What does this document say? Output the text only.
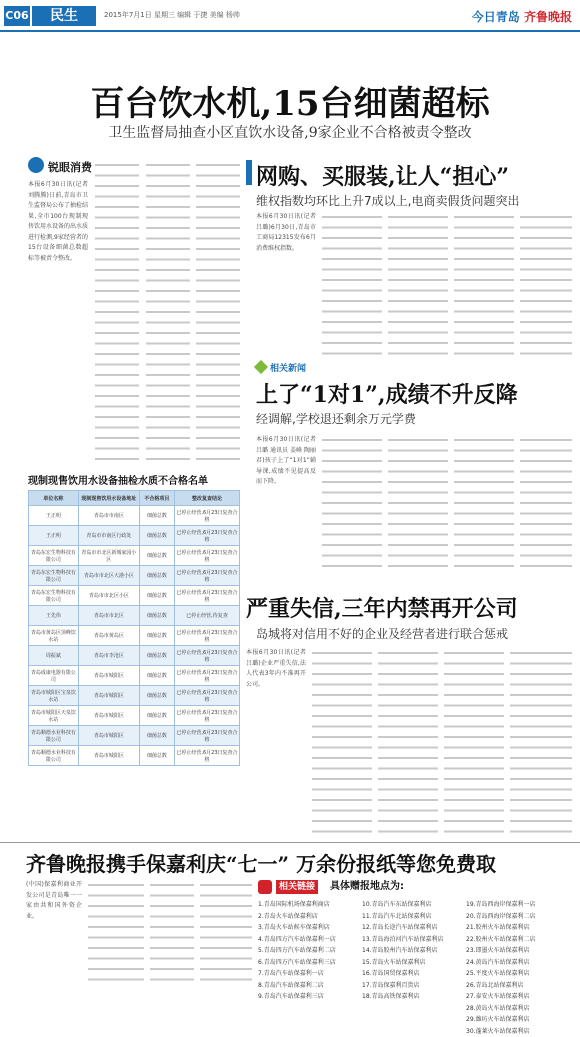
C06	民生	2015年7月1日 星期三 编辑 于捷 美编 杨帅	今日青岛 齐鲁晚报
百台饮水机,15台细菌超标
卫生监督局抽查小区直饮水设备,9家企业不合格被责令整改
锐眼消费
本报6月30日讯(记者 刘腾腾)日前,青岛市卫生监督局公布了抽检结果,全市100台现制现售饮用水设备的出水质进行检测,9家经营者的15台设备细菌总数超标等被责令整改。
现制现售饮用水设备抽检水质不合格名单
单位名称	现制现售饮用水设备地址	不合格项目	整改复查结论
王正明	青岛市市南区	细菌总数	已停止经营,6月23日复查合格
王正明	青岛市市南区行政处	细菌总数	已停止经营,6月23日复查合格
青岛东宏生物科技有限公司	青岛市市北区新城家园小区	细菌总数	已停止经营,6月23日复查合格
青岛东宏生物科技有限公司	青岛市市北区大港小区	细菌总数	已停止经营,6月23日复查合格
青岛东宏生物科技有限公司	青岛市市北区小区	细菌总数	已停止经营,6月23日复查合格
王先伟	青岛市市北区	细菌总数	已停止经营,待复查
青岛市黄岛区顶峰饮水站	青岛市黄岛区	细菌总数	已停止经营,6月23日复查合格
周振斌	青岛市李沧区	细菌总数	已停止经营,6月23日复查合格
青岛成康电器有限公司	青岛市城阳区	细菌总数	已停止经营,6月23日复查合格
青岛市城阳区宝泉饮水站	青岛市城阳区	细菌总数	已停止经营,6月23日复查合格
青岛市城阳区天泉饮水站	青岛市城阳区	细菌总数	已停止经营,6月23日复查合格
青岛顺德水业科技有限公司	青岛市城阳区	细菌总数	已停止经营,6月23日复查合格
青岛顺德水业科技有限公司	青岛市城阳区	细菌总数	已停止经营,6月23日复查合格
网购、买服装,让人“担心”
维权指数均环比上升7成以上,电商卖假货问题突出
本报6月30日讯(记者 吕璐)6月30日,青岛市工商局12315发布6月消费维权指数。
相关新闻
上了“1对1”,成绩不升反降
经调解,学校退还剩余万元学费
本报6月30日讯(记者 吕璐 通讯员 姜峰 陶丽君)孩子上了“1对1”辅导课,成绩不见提高反而下降。
严重失信,三年内禁再开公司
岛城将对信用不好的企业及经营者进行联合惩戒
本报6月30日讯(记者 吕璐)企业严重失信,法人代表3年内不准再开公司。
齐鲁晚报携手保嘉利庆“七一” 万余份报纸等您免费取
(中国)保嘉利商业开发公司是青岛唯一一家由共和国外资企业。
相关链接	具体赠报地点为:
1.青岛国际机场保嘉利商店
2.青岛火车站保嘉利店
3.青岛火车站候车保嘉利店
4.青岛四方汽车站保嘉利一店
5.青岛四方汽车站保嘉利二店
6.青岛四方汽车站保嘉利三店
7.青岛汽车站保嘉利一店
8.青岛汽车站保嘉利二店
9.青岛汽车站保嘉利三店
10.青岛汽车东站保嘉利店
11.青岛汽车北站保嘉利店
12.青岛长途汽车站保嘉利店
13.青岛海泊河汽车站保嘉利店
14.青岛胶州汽车站保嘉利店
15.青岛火车站保嘉利店
16.青岛国贸保嘉利店
17.青岛保嘉利百货店
18.青岛高铁保嘉利店
19.青岛西海岸保嘉利一店
20.青岛西海岸保嘉利二店
21.胶州火车站保嘉利店
22.胶州火车站保嘉利二店
23.即墨火车站保嘉利店
24.黄岛汽车站保嘉利店
25.平度火车站保嘉利店
26.青岛北站保嘉利店
27.泰安火车站保嘉利店
28.黄岛火车站保嘉利店
29.潍坊火车站保嘉利店
30.蓬莱火车站保嘉利店
